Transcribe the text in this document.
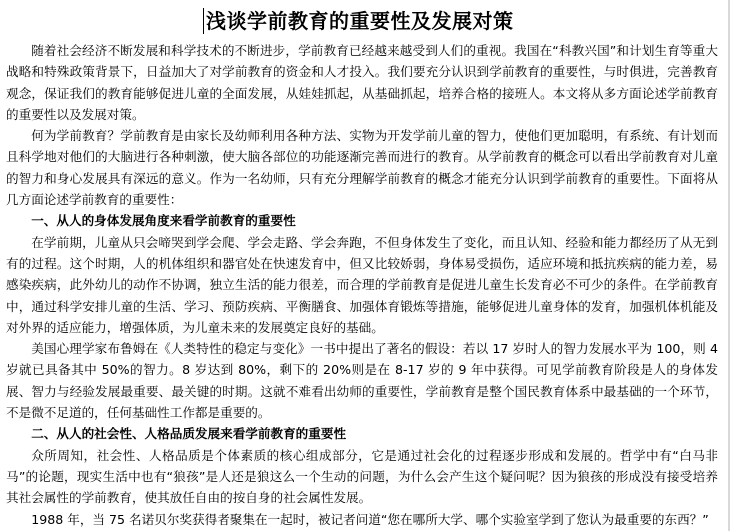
浅谈学前教育的重要性及发展对策

随着社会经济不断发展和科学技术的不断进步，学前教育已经越来越受到人们的重视。我国在“科教兴国”和计划生育等重大战略和特殊政策背景下，日益加大了对学前教育的资金和人才投入。我们要充分认识到学前教育的重要性，与时俱进，完善教育观念，保证我们的教育能够促进儿童的全面发展，从娃娃抓起，从基础抓起，培养合格的接班人。本文将从多方面论述学前教育的重要性以及发展对策。

何为学前教育？学前教育是由家长及幼师利用各种方法、实物为开发学前儿童的智力，使他们更加聪明，有系统、有计划而且科学地对他们的大脑进行各种刺激，使大脑各部位的功能逐渐完善而进行的教育。从学前教育的概念可以看出学前教育对儿童的智力和身心发展具有深远的意义。作为一名幼师，只有充分理解学前教育的概念才能充分认识到学前教育的重要性。下面将从几方面论述学前教育的重要性：

一、从人的身体发展角度来看学前教育的重要性

在学前期，儿童从只会啼哭到学会爬、学会走路、学会奔跑，不但身体发生了变化，而且认知、经验和能力都经历了从无到有的过程。这个时期，人的机体组织和器官处在快速发育中，但又比较娇弱，身体易受损伤，适应环境和抵抗疾病的能力差，易感染疾病，此外幼儿的动作不协调，独立生活的能力很差，而合理的学前教育是促进儿童生长发育必不可少的条件。在学前教育中，通过科学安排儿童的生活、学习、预防疾病、平衡膳食、加强体育锻炼等措施，能够促进儿童身体的发育，加强机体机能及对外界的适应能力，增强体质，为儿童未来的发展奠定良好的基础。

美国心理学家布鲁姆在《人类特性的稳定与变化》一书中提出了著名的假设：若以 17 岁时人的智力发展水平为 100，则 4 岁就已具备其中 50%的智力。8 岁达到 80%，剩下的 20%则是在 8-17 岁的 9 年中获得。可见学前教育阶段是人的身体发展、智力与经验发展最重要、最关键的时期。这就不难看出幼师的重要性，学前教育是整个国民教育体系中最基础的一个环节，不是微不足道的，任何基础性工作都是重要的。

二、从人的社会性、人格品质发展来看学前教育的重要性

众所周知，社会性、人格品质是个体素质的核心组成部分，它是通过社会化的过程逐步形成和发展的。哲学中有“白马非马”的论题，现实生活中也有“狼孩”是人还是狼这么一个生动的问题，为什么会产生这个疑问呢？因为狼孩的形成没有接受培养其社会属性的学前教育，使其放任自由的按自身的社会属性发展。

1988 年，当 75 名诺贝尔奖获得者聚集在一起时，被记者问道“您在哪所大学、哪个实验室学到了您认为最重要的东西？”
